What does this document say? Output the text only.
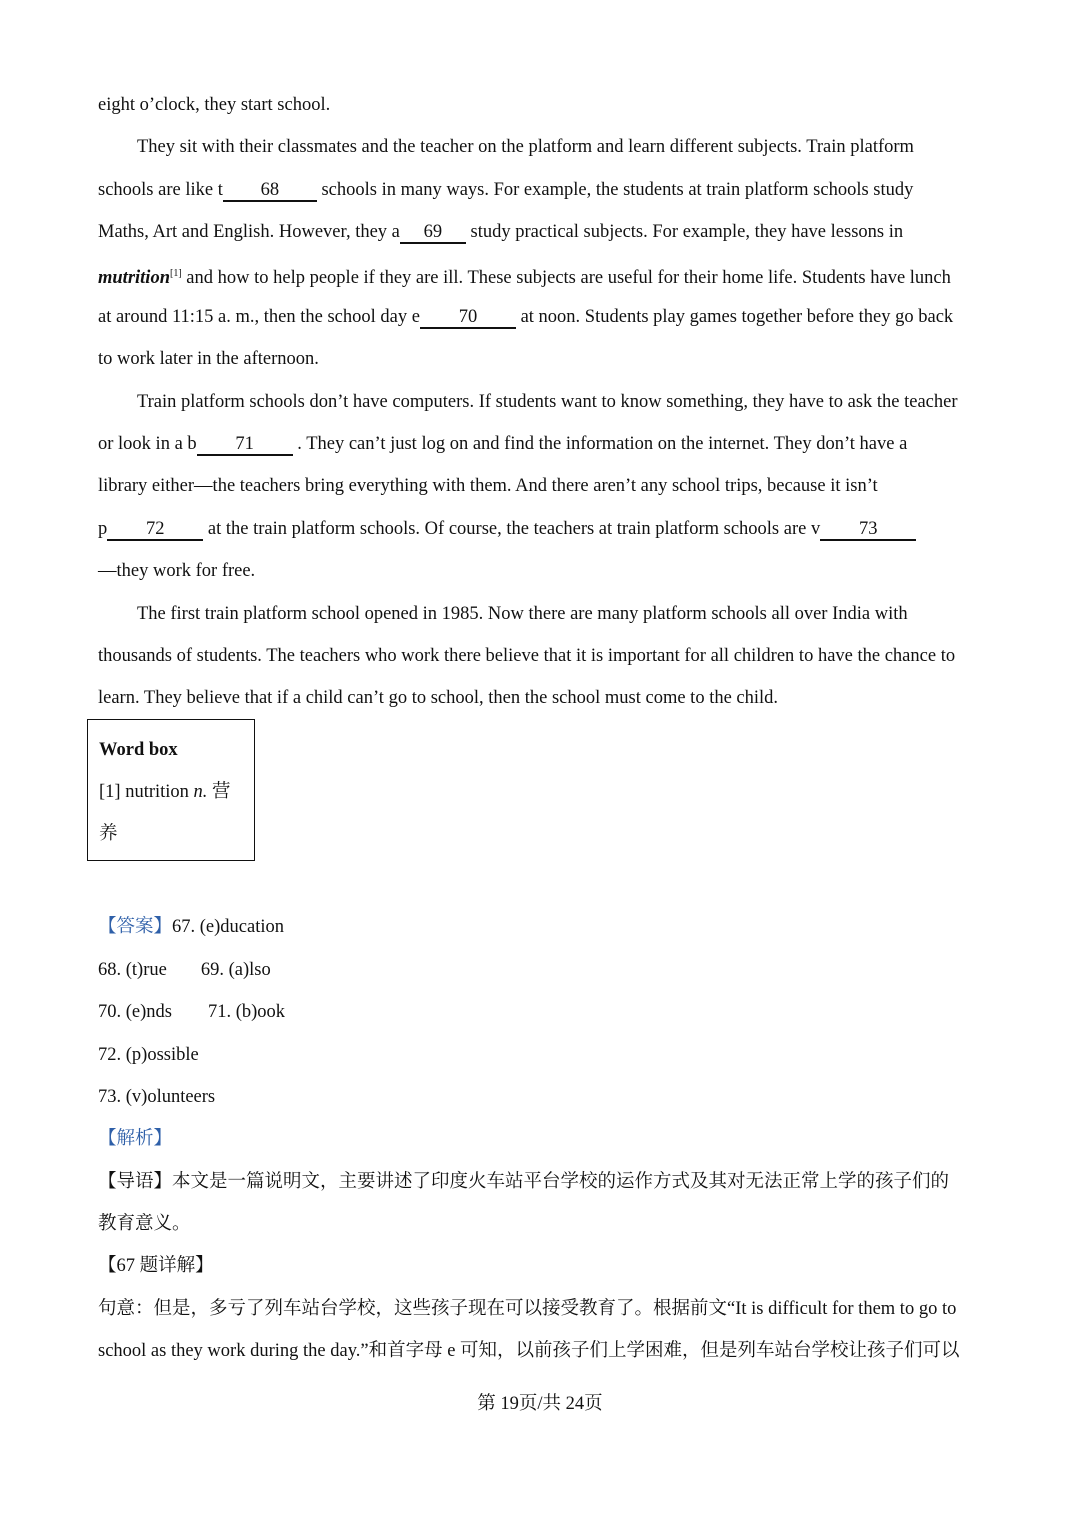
eight o’clock, they start school.
They sit with their classmates and the teacher on the platform and learn different subjects. Train platform
schools are like t 68 schools in many ways. For example, the students at train platform schools study
Maths, Art and English. However, they a 69 study practical subjects. For example, they have lessons in
mutrition[1] and how to help people if they are ill. These subjects are useful for their home life. Students have lunch
at around 11:15 a. m., then the school day e 70 at noon. Students play games together before they go back
to work later in the afternoon.
Train platform schools don’t have computers. If students want to know something, they have to ask the teacher
or look in a b 71 . They can’t just log on and find the information on the internet. They don’t have a
library either—the teachers bring everything with them. And there aren’t any school trips, because it isn’t
p 72 at the train platform schools. Of course, the teachers at train platform schools are v 73
—they work for free.
The first train platform school opened in 1985. Now there are many platform schools all over India with
thousands of students. The teachers who work there believe that it is important for all children to have the chance to
learn. They believe that if a child can’t go to school, then the school must come to the child.
Word box
[1] nutrition n. 营
养
【答案】67. (e)ducation
68. (t)rue 69. (a)lso
70. (e)nds 71. (b)ook
72. (p)ossible
73. (v)olunteers
【解析】
【导语】本文是一篇说明文，主要讲述了印度火车站平台学校的运作方式及其对无法正常上学的孩子们的
教育意义。
【67 题详解】
句意：但是，多亏了列车站台学校，这些孩子现在可以接受教育了。根据前文“It is difficult for them to go to
school as they work during the day.”和首字母 e 可知，以前孩子们上学困难，但是列车站台学校让孩子们可以
第 19页/共 24页
